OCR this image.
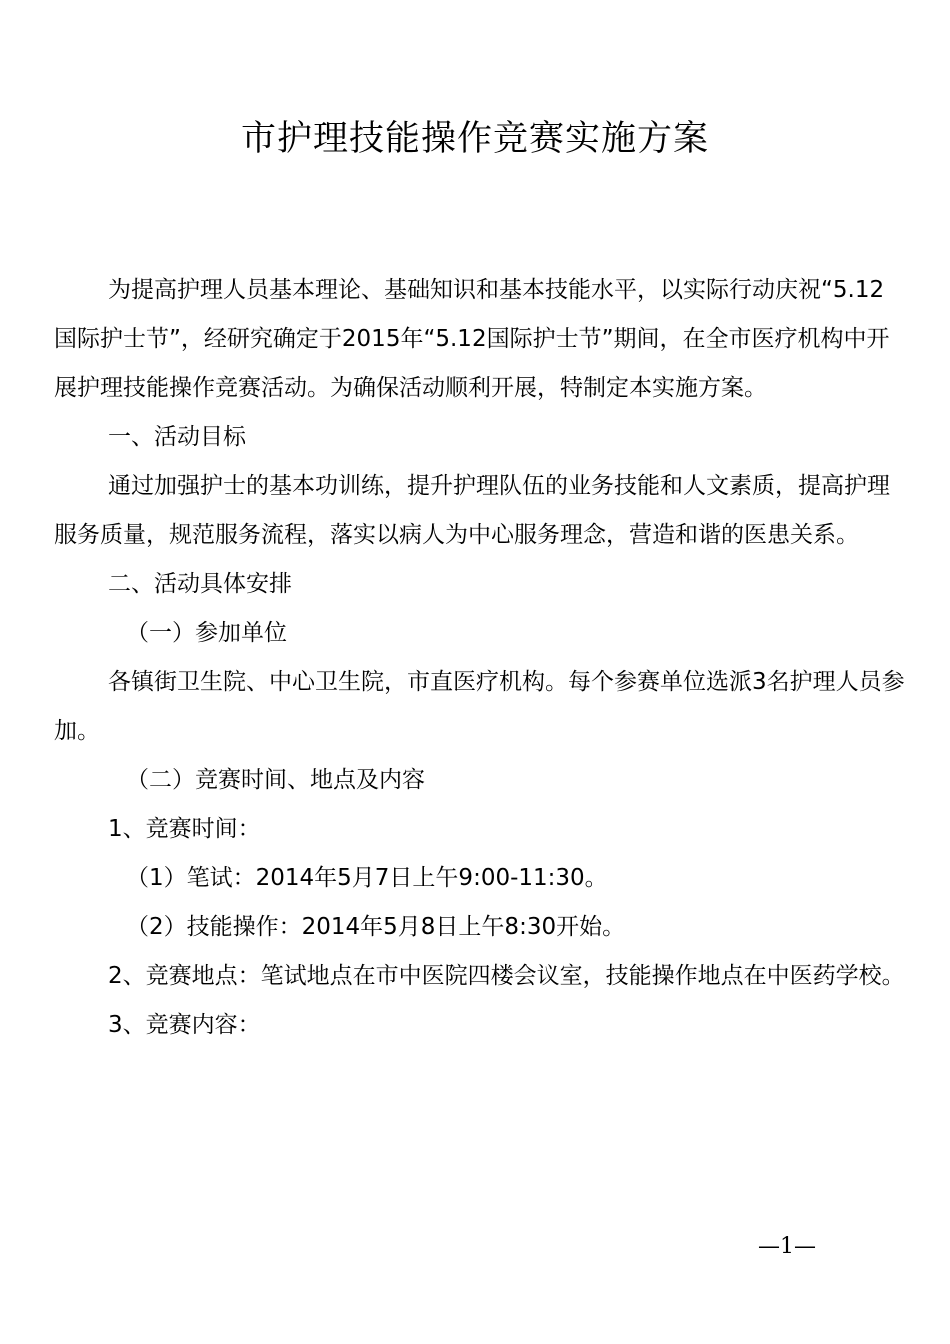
市护理技能操作竞赛实施方案

为提高护理人员基本理论、基础知识和基本技能水平，以实际行动庆祝“5.12国际护士节”，经研究确定于2015年“5.12国际护士节”期间，在全市医疗机构中开展护理技能操作竞赛活动。为确保活动顺利开展，特制定本实施方案。

一、活动目标

通过加强护士的基本功训练，提升护理队伍的业务技能和人文素质，提高护理服务质量，规范服务流程，落实以病人为中心服务理念，营造和谐的医患关系。

二、活动具体安排

（一）参加单位

各镇街卫生院、中心卫生院，市直医疗机构。每个参赛单位选派3名护理人员参加。

（二）竞赛时间、地点及内容

1、竞赛时间：

（1）笔试：2014年5月7日上午9:00-11:30。

（2）技能操作：2014年5月8日上午8:30开始。

2、竞赛地点：笔试地点在市中医院四楼会议室，技能操作地点在中医药学校。

3、竞赛内容：

—1—
